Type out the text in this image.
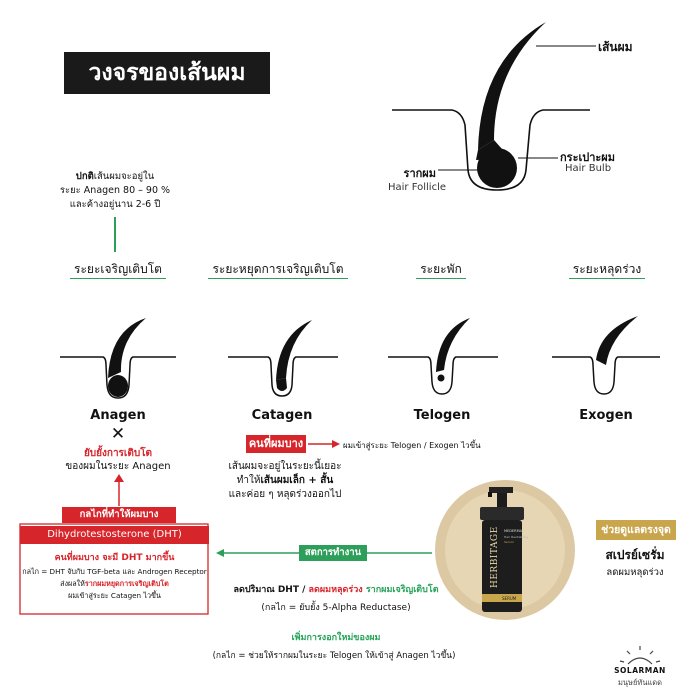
HERBITAGE MEDERMA
Hair Revitalizing
Serum
SERUM
วงจรของเส้นผม
เส้นผม
กระเปาะผม
Hair Bulb
รากผม
Hair Follicle
ปกติเส้นผมจะอยู่ใน
ระยะ Anagen 80 – 90 %
และค้างอยู่นาน 2-6 ปี
ระยะเจริญเติบโต	ระยะหยุดการเจริญเติบโต	ระยะพัก	ระยะหลุดร่วง
Anagen	Catagen	Telogen	Exogen
✕
ยับยั้งการเติบโต
ของผมในระยะ Anagen
คนที่ผมบาง	ผมเข้าสู่ระยะ Telogen / Exogen ไวขึ้น
เส้นผมจะอยู่ในระยะนี้เยอะ
ทำให้เส้นผมเล็ก + สั้น
และค่อย ๆ หลุดร่วงออกไป
กลไกที่ทำให้ผมบาง
Dihydrotestosterone (DHT)
คนที่ผมบาง จะมี DHT มากขึ้น
กลไก = DHT จับกับ TGF-beta และ Androgen Receptor
ส่งผลให้รากผมหยุดการเจริญเติบโต
ผมเข้าสู่ระยะ Catagen ไวขึ้น
สตการทำงาน
ลดปริมาณ DHT / ลดผมหลุดร่วง รากผมเจริญเติบโต
(กลไก = ยับยั้ง 5-Alpha Reductase)
เพิ่มการงอกใหม่ของผม
(กลไก = ช่วยให้รากผมในระยะ Telogen ให้เข้าสู่ Anagen ไวขึ้น)
ช่วยดูแลตรงจุด
สเปรย์เซรั่ม
ลดผมหลุดร่วง
SOLARMAN
มนุษย์ทันแดด
